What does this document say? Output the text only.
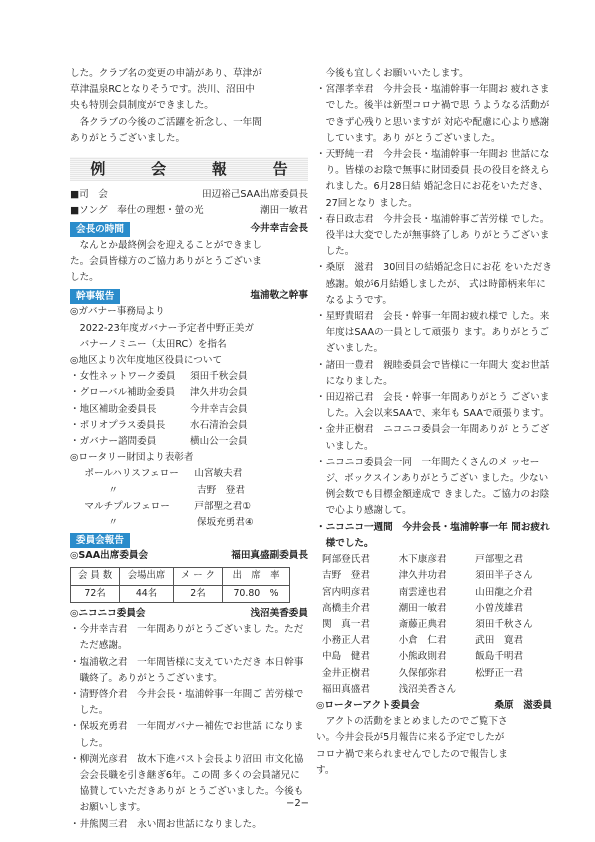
した。クラブ名の変更の申請があり、草津が

草津温泉RCとなりそうです。渋川、沼田中

央も特別会員制度ができました。

各クラブの今後のご活躍を祈念し、一年間

ありがとうございました。

例 会 報 告
■司　会	田辺裕己SAA出席委員長
■ソング　奉仕の理想・螢の光	潮田一敏君
会長の時間	今井幸吉会長

なんとか最終例会を迎えることができまし

た。会員皆様方のご協力ありがとうございま

した。

幹事報告	塩浦敬之幹事

◎ガバナー事務局より

　2022-23年度ガバナー予定者中野正美ガ

　バナーノミニー（太田RC）を指名

◎地区より次年度地区役員について

・女性ネットワーク委員	須田千秋会員
・グローバル補助金委員	津久井功会員
・地区補助金委員長	今井幸吉会員
・ポリオプラス委員長	水石清治会員
・ガバナー諮問委員	横山公一会員

◎ロータリー財団より表彰者

ポールハリスフェロー	山宮敏夫君
〃	吉野　登君
マルチプルフェロー	戸部聖之君①
〃	保坂充勇君④
委員会報告
◎SAA出席委員会	福田真盛副委員長
会 員 数	会場出席	メ ー ク	出　席　率
72名	44名	2名	70.80　%
◎ニコニコ委員会	浅沼美香委員

・今井幸吉君　一年間ありがとうございまし た。ただただ感謝。

・塩浦敬之君　一年間皆様に支えていただき 本日幹事職終了。ありがとうございます。

・清野啓介君　今井会長・塩浦幹事一年間ご 苦労様でした。

・保坂充勇君　一年間ガバナー補佐でお世話 になりました。

・柳渕光彦君　故木下進パスト会長より沼田 市文化協会会長職を引き継ぎ6年。この間 多くの会員諸兄に協賛していただきありが とうございました。今後もお願いします。

・井熊関三君　永い間お世話になりました。

今後も宜しくお願いいたします。

・宮澤孝幸君　今井会長・塩浦幹事一年間お 疲れさまでした。後半は新型コロナ禍で思 うようなる活動ができず心残りと思いますが 対応や配慮に心より感謝しています。あり がとうございました。

・天野純一君　今井会長・塩浦幹事一年間お 世話になり。皆様のお陰で無事に財団委員 長の役目を終えられました。6月28日結 婚記念日にお花をいただき、27回となり ました。

・春日政志君　今井会長・塩浦幹事ご苦労様 でした。役半は大変でしたが無事終了しあ りがとうございました。

・桑原　滋君　30回目の結婚記念日にお花 をいただき感謝。娘が6月結婚しましたが、 式は時節柄来年になるようです。

・星野貴昭君　会長・幹事一年間お疲れ様で した。来年度はSAAの一員として頑張り ます。ありがとうございました。

・諸田一豊君　親睦委員会で皆様に一年間大 変お世話になりました。

・田辺裕己君　会長・幹事一年間ありがとう ございました。入会以来SAAで、来年も SAAで頑張ります。

・金井正樹君　ニコニコ委員会一年間ありが とうございました。

・ニコニコ委員会一同　一年間たくさんのメ ッセージ、ボックスインありがとうござい ました。少ない例会数でも目標金額達成で きました。ご協力のお陰で心より感謝して。

・ニコニコ一週間　今井会長・塩浦幹事一年 間お疲れ様でした。

阿部登氏君	木下康彦君	戸部聖之君
吉野　登君	津久井功君	須田半子さん
宮内明彦君	南雲達也君	山田龍之介君
高橋圭介君	潮田一敏君	小曽茂雄君
関　真一君	斎藤正典君	須田千秋さん
小務正人君	小倉　仁君	武田　寛君
中島　健君	小熊政則君	飯島千明君
金井正樹君	久保郁弥君	松野正一君
福田真盛君	浅沼美香さん
◎ローターアクト委員会	桑原　滋委員

アクトの活動をまとめましたのでご覧下さ

い。今井会長が5月報告に来る予定でしたが

コロナ禍で来られませんでしたので報告しま

す。

−2−
